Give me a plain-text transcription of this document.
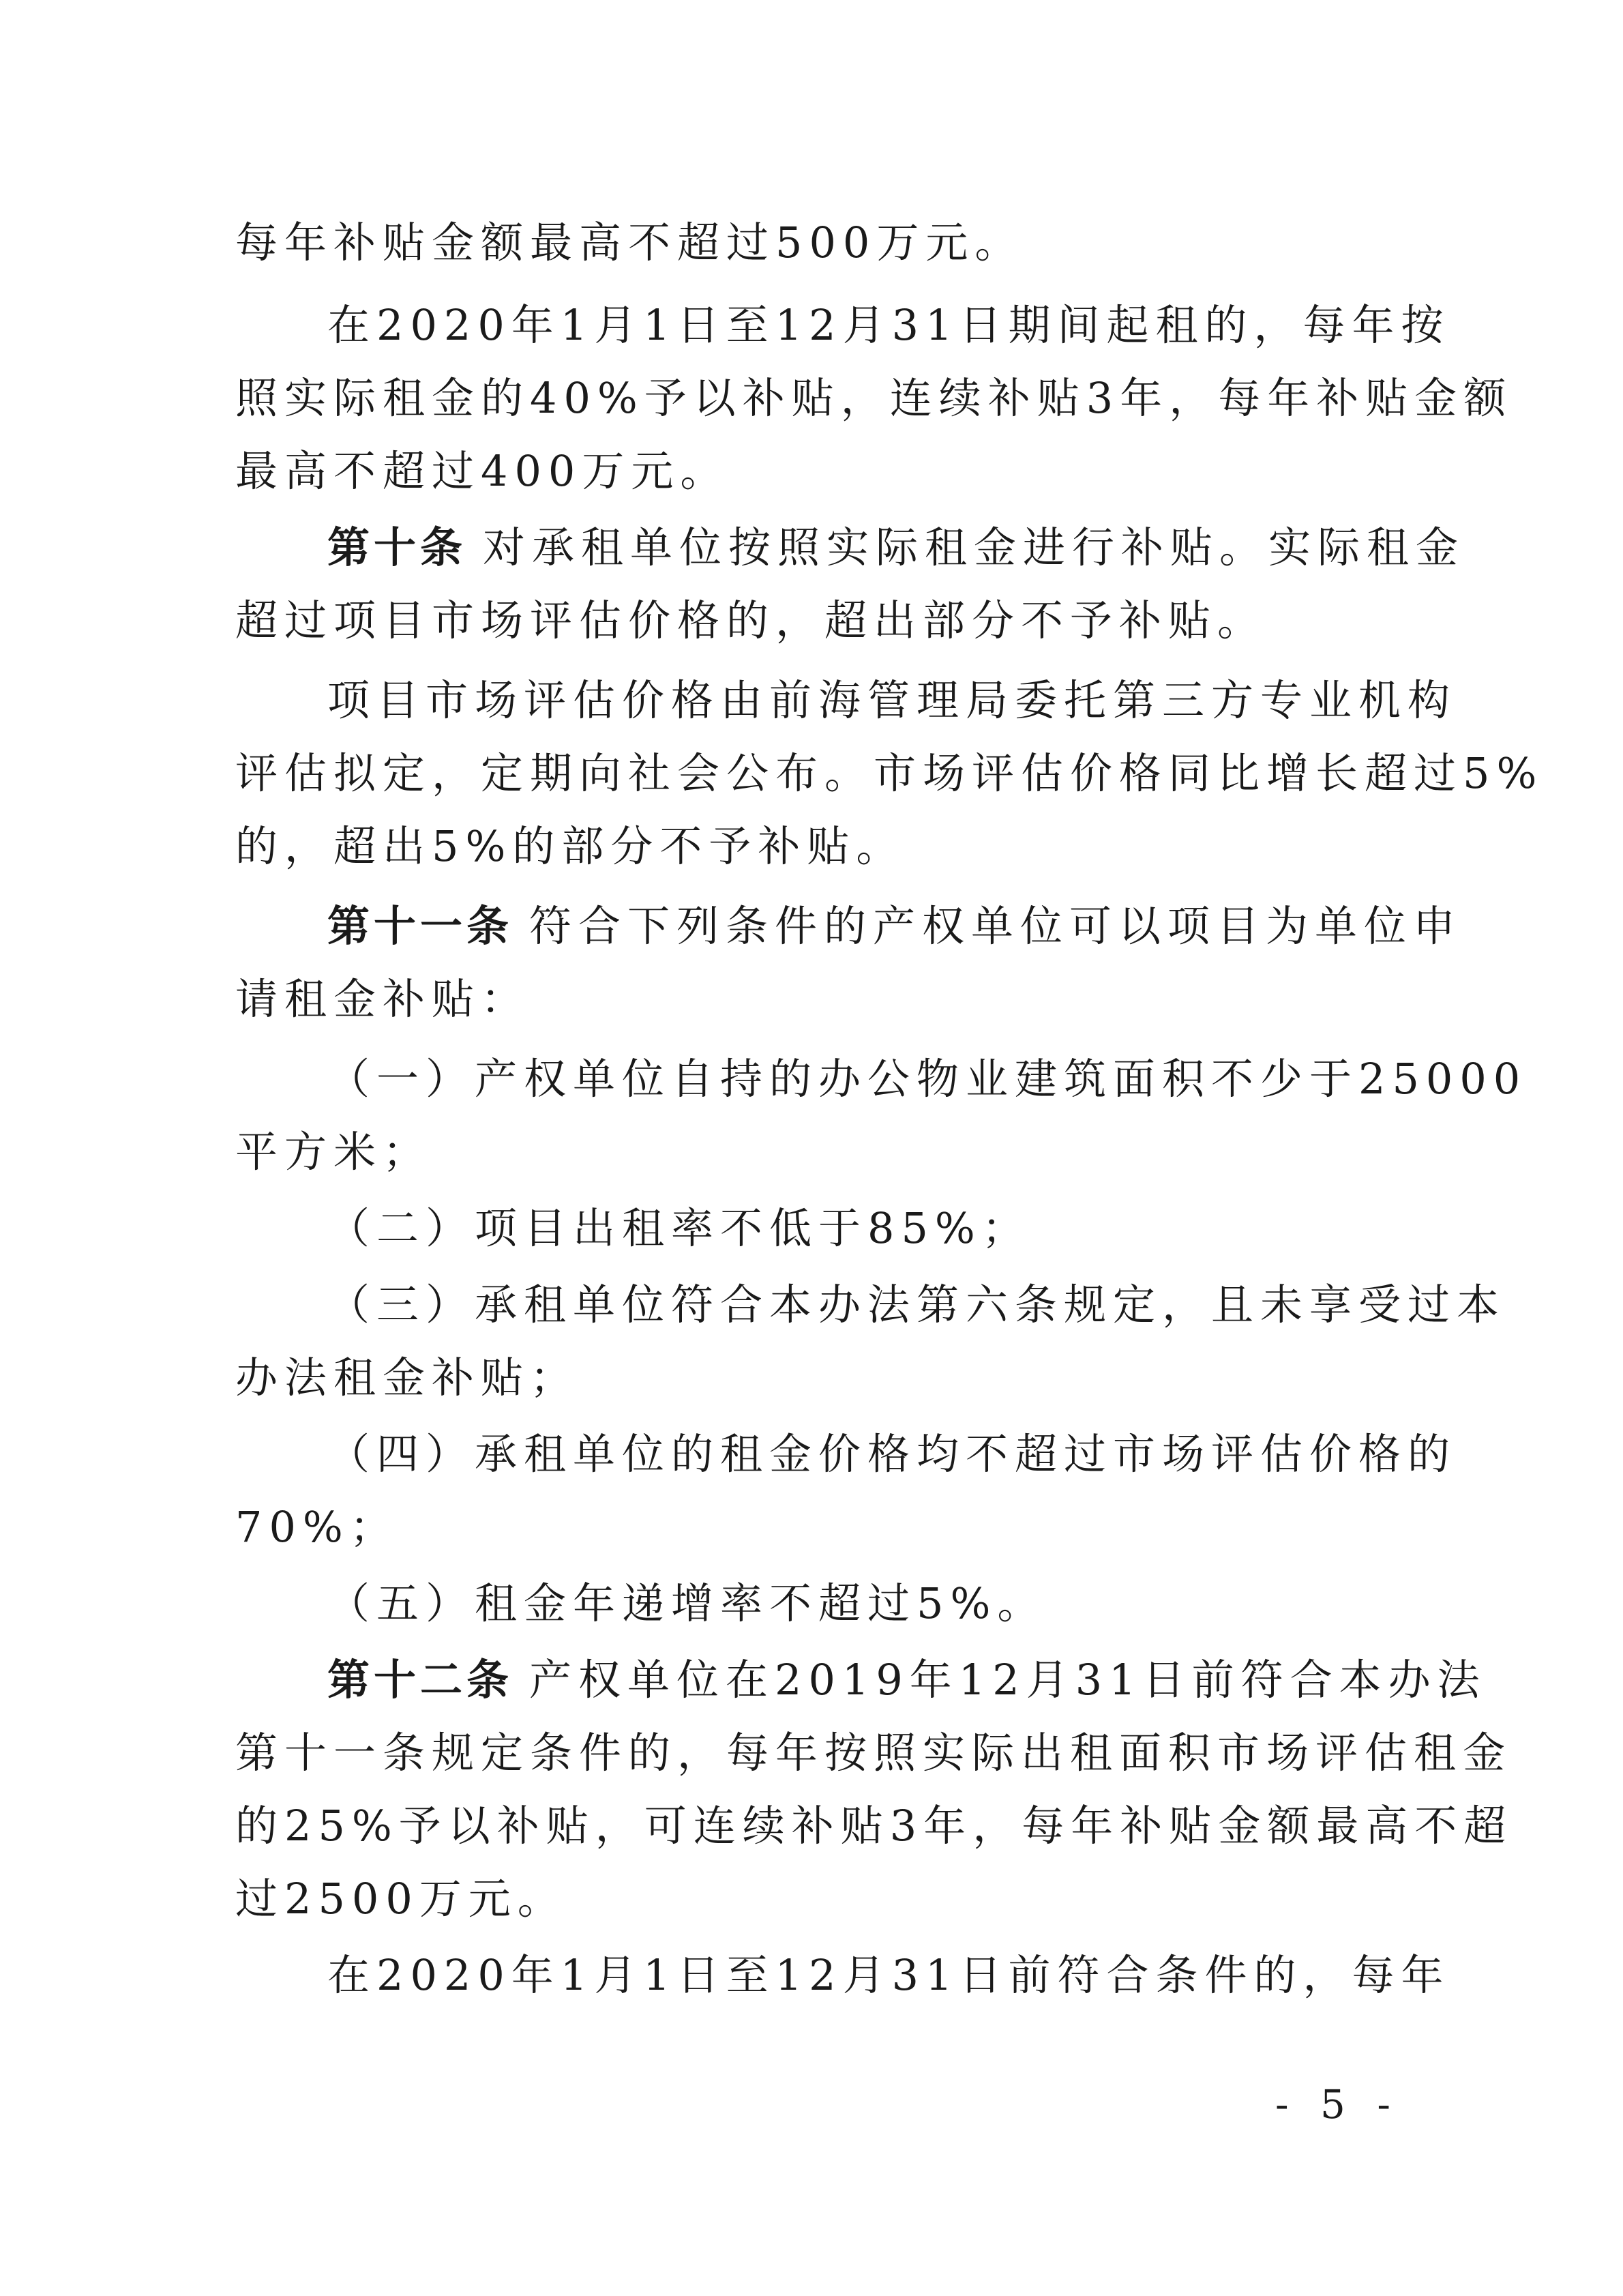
每年补贴金额最高不超过500万元。
在2020年1月1日至12月31日期间起租的，每年按
照实际租金的40%予以补贴，连续补贴3年，每年补贴金额
最高不超过400万元。
第十条 对承租单位按照实际租金进行补贴。实际租金
超过项目市场评估价格的，超出部分不予补贴。
项目市场评估价格由前海管理局委托第三方专业机构
评估拟定，定期向社会公布。市场评估价格同比增长超过5%
的，超出5%的部分不予补贴。
第十一条 符合下列条件的产权单位可以项目为单位申
请租金补贴：
（一）产权单位自持的办公物业建筑面积不少于25000
平方米；
（二）项目出租率不低于85%；
（三）承租单位符合本办法第六条规定，且未享受过本
办法租金补贴；
（四）承租单位的租金价格均不超过市场评估价格的
70%；
（五）租金年递增率不超过5%。
第十二条 产权单位在2019年12月31日前符合本办法
第十一条规定条件的，每年按照实际出租面积市场评估租金
的25%予以补贴，可连续补贴3年，每年补贴金额最高不超
过2500万元。
在2020年1月1日至12月31日前符合条件的，每年
- 5 -
